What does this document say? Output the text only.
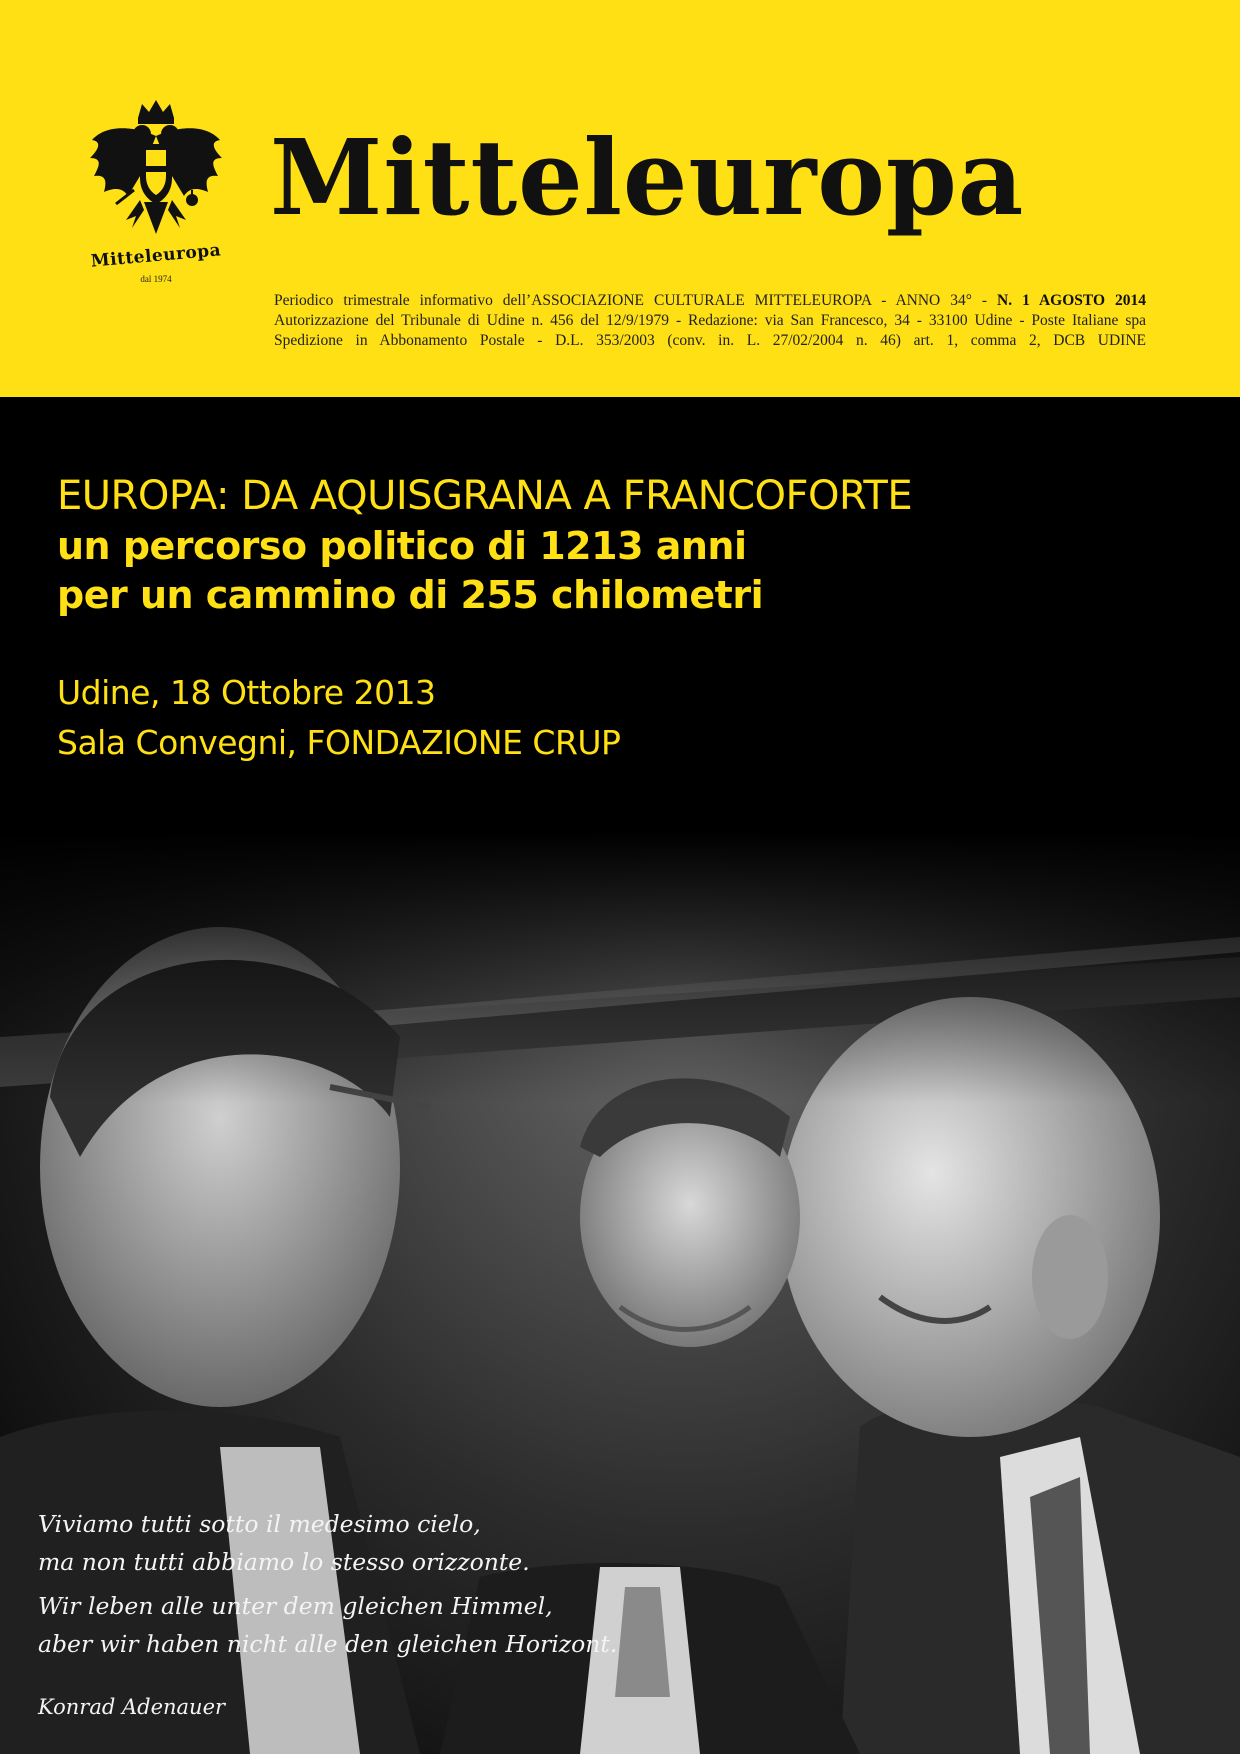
Mitteleuropa
dal 1974
Mitteleuropa
Periodico trimestrale informativo dell’ASSOCIAZIONE CULTURALE MITTELEUROPA - ANNO 34° - N. 1 AGOSTO 2014
Autorizzazione del Tribunale di Udine n. 456 del 12/9/1979 - Redazione: via San Francesco, 34 - 33100 Udine - Poste Italiane spa
Spedizione in Abbonamento Postale - D.L. 353/2003 (conv. in. L. 27/02/2004 n. 46) art. 1, comma 2, DCB UDINE
EUROPA: DA AQUISGRANA A FRANCOFORTE
un percorso politico di 1213 anni
per un cammino di 255 chilometri
Udine, 18 Ottobre 2013
Sala Convegni, FONDAZIONE CRUP
Viviamo tutti sotto il medesimo cielo,
ma non tutti abbiamo lo stesso orizzonte.
Wir leben alle unter dem gleichen Himmel,
aber wir haben nicht alle den gleichen Horizont.
Konrad Adenauer
